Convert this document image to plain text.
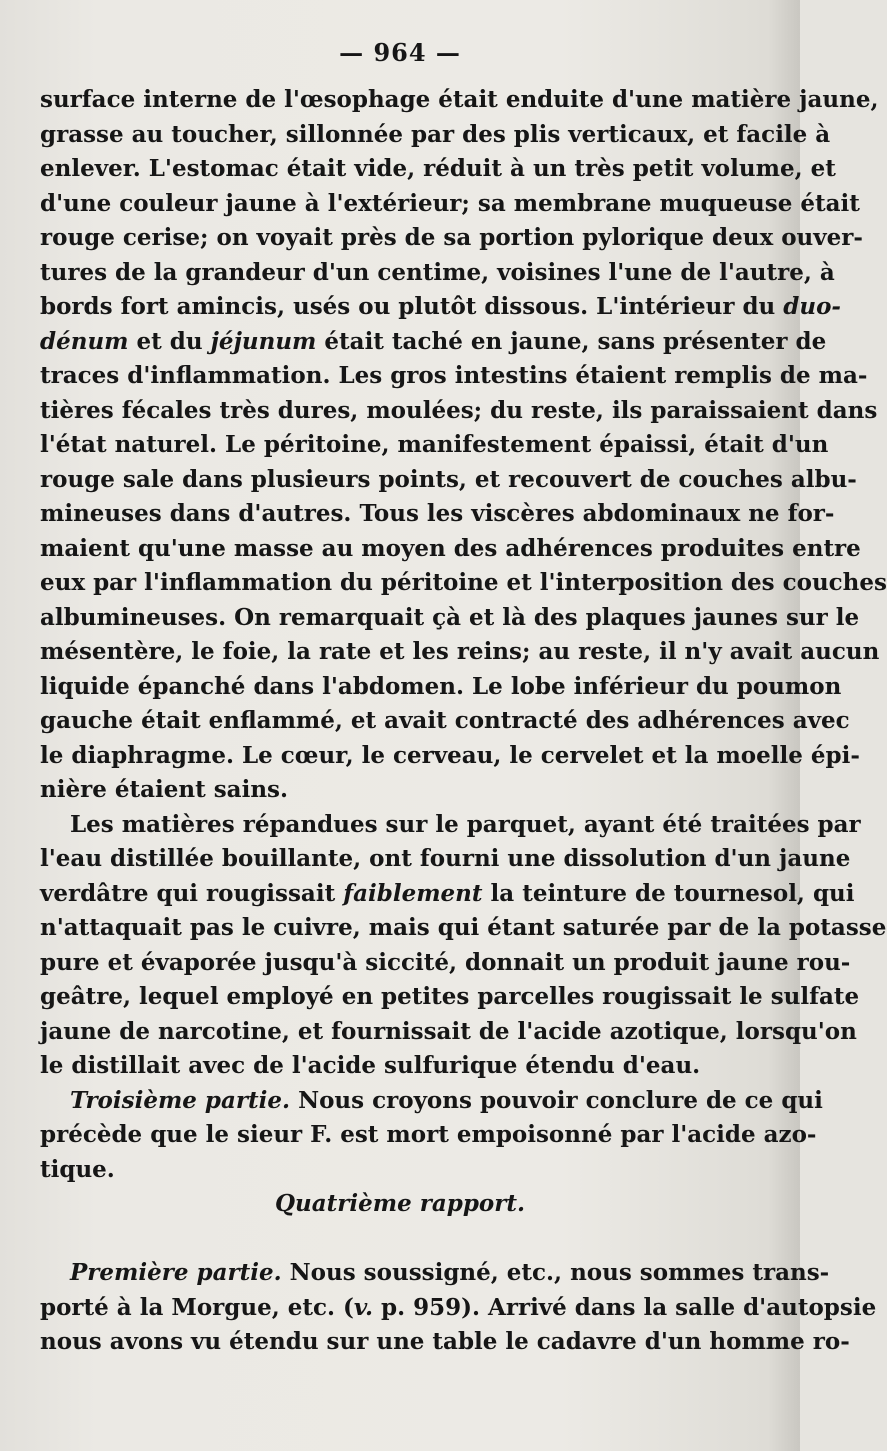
— 964 —
surface interne de l'œsophage était enduite d'une matière jaune,
grasse au toucher, sillonnée par des plis verticaux, et facile à
enlever. L'estomac était vide, réduit à un très petit volume, et
d'une couleur jaune à l'extérieur; sa membrane muqueuse était
rouge cerise; on voyait près de sa portion pylorique deux ouver-
tures de la grandeur d'un centime, voisines l'une de l'autre, à
bords fort amincis, usés ou plutôt dissous. L'intérieur du duo-
dénum et du jéjunum était taché en jaune, sans présenter de
traces d'inflammation. Les gros intestins étaient remplis de ma-
tières fécales très dures, moulées; du reste, ils paraissaient dans
l'état naturel. Le péritoine, manifestement épaissi, était d'un
rouge sale dans plusieurs points, et recouvert de couches albu-
mineuses dans d'autres. Tous les viscères abdominaux ne for-
maient qu'une masse au moyen des adhérences produites entre
eux par l'inflammation du péritoine et l'interposition des couches
albumineuses. On remarquait çà et là des plaques jaunes sur le
mésentère, le foie, la rate et les reins; au reste, il n'y avait aucun
liquide épanché dans l'abdomen. Le lobe inférieur du poumon
gauche était enflammé, et avait contracté des adhérences avec
le diaphragme. Le cœur, le cerveau, le cervelet et la moelle épi-
nière étaient sains.
Les matières répandues sur le parquet, ayant été traitées par
l'eau distillée bouillante, ont fourni une dissolution d'un jaune
verdâtre qui rougissait faiblement la teinture de tournesol, qui
n'attaquait pas le cuivre, mais qui étant saturée par de la potasse
pure et évaporée jusqu'à siccité, donnait un produit jaune rou-
geâtre, lequel employé en petites parcelles rougissait le sulfate
jaune de narcotine, et fournissait de l'acide azotique, lorsqu'on
le distillait avec de l'acide sulfurique étendu d'eau.
Troisième partie. Nous croyons pouvoir conclure de ce qui
précède que le sieur F. est mort empoisonné par l'acide azo-
tique.
Quatrième rapport.
Première partie. Nous soussigné, etc., nous sommes trans-
porté à la Morgue, etc. (v. p. 959). Arrivé dans la salle d'autopsie
nous avons vu étendu sur une table le cadavre d'un homme ro-
